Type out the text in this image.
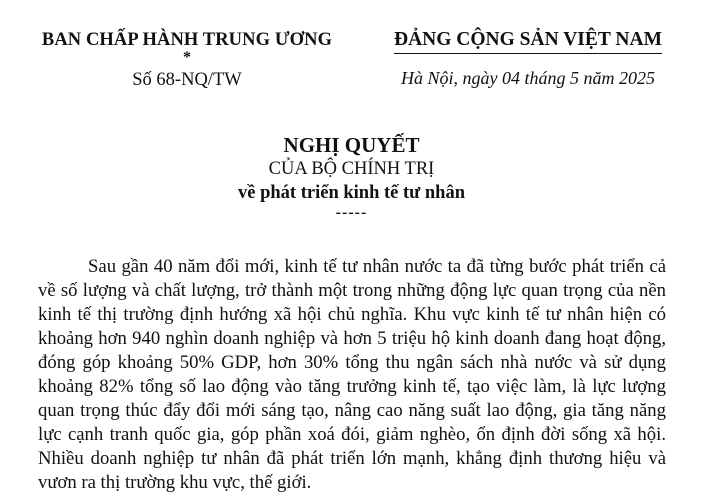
BAN CHẤP HÀNH TRUNG ƯƠNG
*
Số 68-NQ/TW
ĐẢNG CỘNG SẢN VIỆT NAM
Hà Nội, ngày 04 tháng 5 năm 2025
NGHỊ QUYẾT
CỦA BỘ CHÍNH TRỊ
về phát triển kinh tế tư nhân
-----

Sau gần 40 năm đổi mới, kinh tế tư nhân nước ta đã từng bước phát triển cả về số lượng và chất lượng, trở thành một trong những động lực quan trọng của nền kinh tế thị trường định hướng xã hội chủ nghĩa. Khu vực kinh tế tư nhân hiện có khoảng hơn 940 nghìn doanh nghiệp và hơn 5 triệu hộ kinh doanh đang hoạt động, đóng góp khoảng 50% GDP, hơn 30% tổng thu ngân sách nhà nước và sử dụng khoảng 82% tổng số lao động vào tăng trưởng kinh tế, tạo việc làm, là lực lượng quan trọng thúc đẩy đổi mới sáng tạo, nâng cao năng suất lao động, gia tăng năng lực cạnh tranh quốc gia, góp phần xoá đói, giảm nghèo, ổn định đời sống xã hội. Nhiều doanh nghiệp tư nhân đã phát triển lớn mạnh, khẳng định thương hiệu và vươn ra thị trường khu vực, thế giới.
